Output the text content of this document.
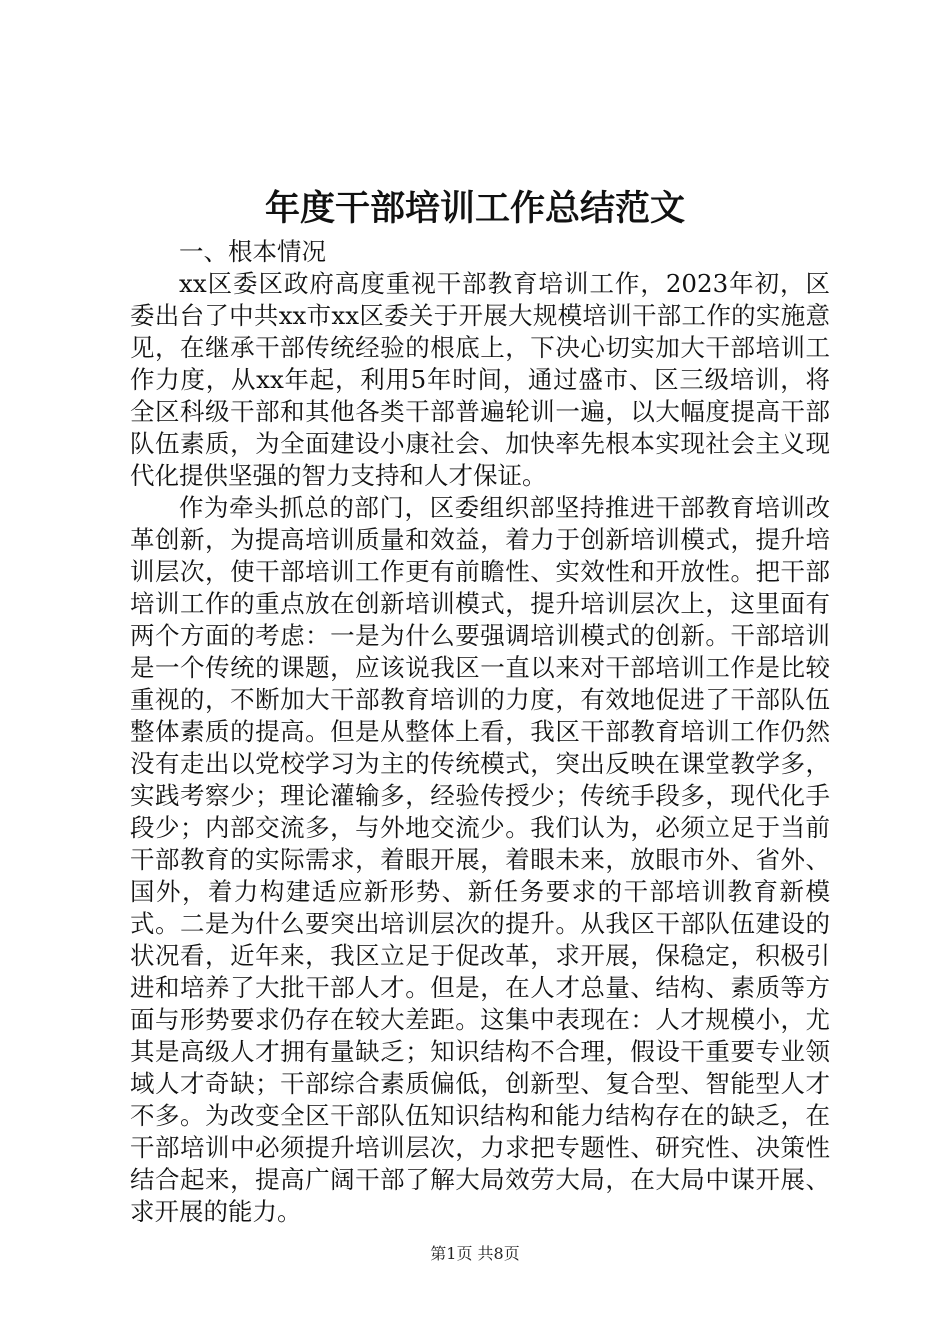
年度干部培训工作总结范文

一、根本情况

xx区委区政府高度重视干部教育培训工作，2023年初，区委出台了中共xx市xx区委关于开展大规模培训干部工作的实施意见，在继承干部传统经验的根底上，下决心切实加大干部培训工作力度，从xx年起，利用5年时间，通过盛市、区三级培训，将全区科级干部和其他各类干部普遍轮训一遍，以大幅度提高干部队伍素质，为全面建设小康社会、加快率先根本实现社会主义现代化提供坚强的智力支持和人才保证。

作为牵头抓总的部门，区委组织部坚持推进干部教育培训改革创新，为提高培训质量和效益，着力于创新培训模式，提升培训层次，使干部培训工作更有前瞻性、实效性和开放性。把干部培训工作的重点放在创新培训模式，提升培训层次上，这里面有两个方面的考虑：一是为什么要强调培训模式的创新。干部培训是一个传统的课题，应该说我区一直以来对干部培训工作是比较重视的，不断加大干部教育培训的力度，有效地促进了干部队伍整体素质的提高。但是从整体上看，我区干部教育培训工作仍然没有走出以党校学习为主的传统模式，突出反映在课堂教学多，实践考察少；理论灌输多，经验传授少；传统手段多，现代化手段少；内部交流多，与外地交流少。我们认为，必须立足于当前干部教育的实际需求，着眼开展，着眼未来，放眼市外、省外、国外，着力构建适应新形势、新任务要求的干部培训教育新模式。二是为什么要突出培训层次的提升。从我区干部队伍建设的状况看，近年来，我区立足于促改革，求开展，保稳定，积极引进和培养了大批干部人才。但是，在人才总量、结构、素质等方面与形势要求仍存在较大差距。这集中表现在：人才规模小，尤其是高级人才拥有量缺乏；知识结构不合理，假设干重要专业领域人才奇缺；干部综合素质偏低，创新型、复合型、智能型人才不多。为改变全区干部队伍知识结构和能力结构存在的缺乏，在干部培训中必须提升培训层次，力求把专题性、研究性、决策性结合起来，提高广阔干部了解大局效劳大局，在大局中谋开展、求开展的能力。

第1页 共8页
